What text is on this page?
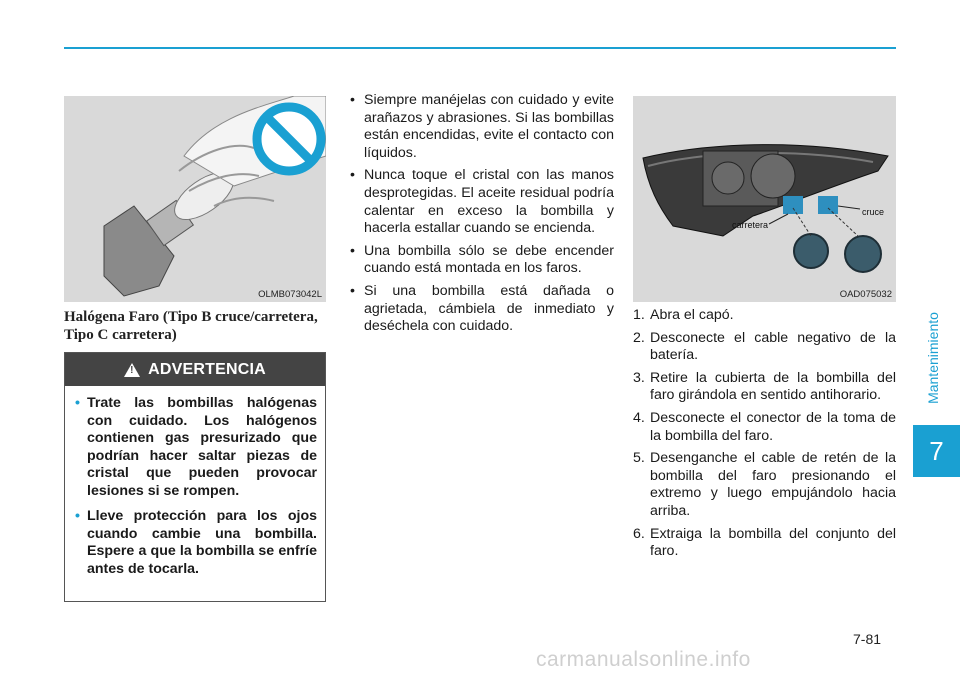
Mantenimiento
7
OLMB073042L
Halógena Faro (Tipo B cruce/carretera, Tipo C carretera)
!
ADVERTENCIA
• Trate las bombillas halógenas con cuidado. Los halógenos contienen gas presurizado que podrían hacer saltar piezas de cristal que pueden provocar lesiones si se rompen.
• Lleve protección para los ojos cuando cambie una bombilla. Espere a que la bombilla se enfríe antes de tocarla.
• Siempre manéjelas con cuidado y evite arañazos y abrasiones. Si las bombillas están encendidas, evite el contacto con líquidos.
• Nunca toque el cristal con las manos desprotegidas. El aceite residual podría calentar en exceso la bombilla y hacerla estallar cuando se encienda.
• Una bombilla sólo se debe encender cuando está montada en los faros.
• Si una bombilla está dañada o agrietada, cámbiela de inmediato y deséchela con cuidado.
carretera
cruce
OAD075032
1. Abra el capó.
2. Desconecte el cable negativo de la batería.
3. Retire la cubierta de la bombilla del faro girándola en sentido antihorario.
4. Desconecte el conector de la toma de la bombilla del faro.
5. Desenganche el cable de retén de la bombilla del faro presionando el extremo y luego empujándolo hacia arriba.
6. Extraiga la bombilla del conjunto del faro.
7-81
carmanualsonline.info
